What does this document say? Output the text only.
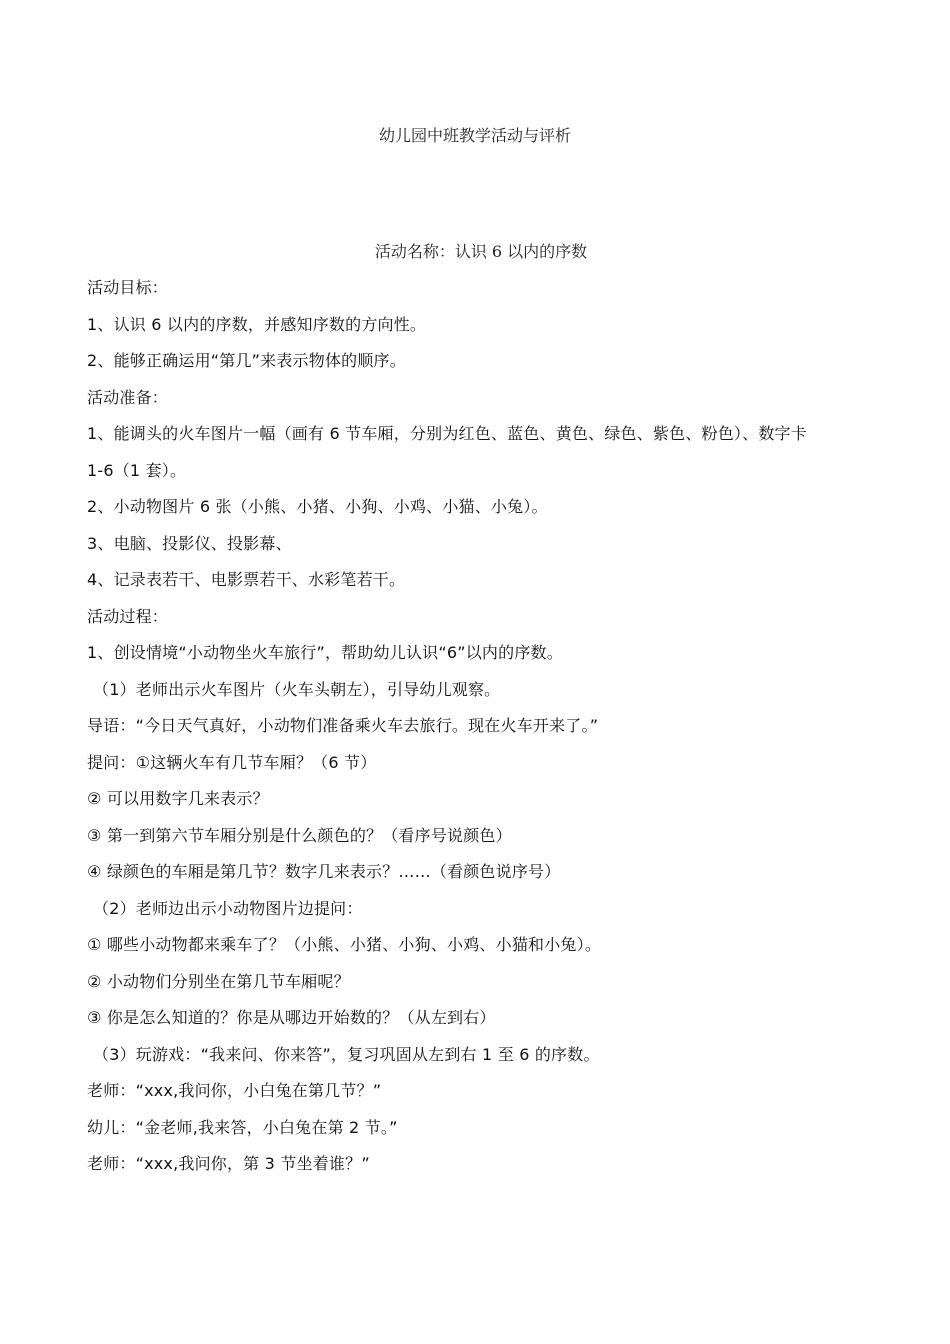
幼儿园中班教学活动与评析
活动名称：认识 6 以内的序数
活动目标：
1、认识 6 以内的序数，并感知序数的方向性。
2、能够正确运用“第几”来表示物体的顺序。
活动准备：
1、能调头的火车图片一幅（画有 6 节车厢，分别为红色、蓝色、黄色、绿色、紫色、粉色）、数字卡
1-6（1 套）。
2、小动物图片 6 张（小熊、小猪、小狗、小鸡、小猫、小兔）。
3、电脑、投影仪、投影幕、
4、记录表若干、电影票若干、水彩笔若干。
活动过程：
1、创设情境“小动物坐火车旅行”，帮助幼儿认识“6”以内的序数。
（1）老师出示火车图片（火车头朝左），引导幼儿观察。
导语：“今日天气真好，小动物们准备乘火车去旅行。现在火车开来了。”
提问：①这辆火车有几节车厢？（6 节）
② 可以用数字几来表示？
③ 第一到第六节车厢分别是什么颜色的？（看序号说颜色）
④ 绿颜色的车厢是第几节？数字几来表示？……（看颜色说序号）
（2）老师边出示小动物图片边提问：
① 哪些小动物都来乘车了？（小熊、小猪、小狗、小鸡、小猫和小兔）。
② 小动物们分别坐在第几节车厢呢？
③ 你是怎么知道的？你是从哪边开始数的？（从左到右）
（3）玩游戏：“我来问、你来答”，复习巩固从左到右 1 至 6 的序数。
老师：“xxx,我问你，小白兔在第几节？”
幼儿：“金老师,我来答，小白兔在第 2 节。”
老师：“xxx,我问你，第 3 节坐着谁？”
